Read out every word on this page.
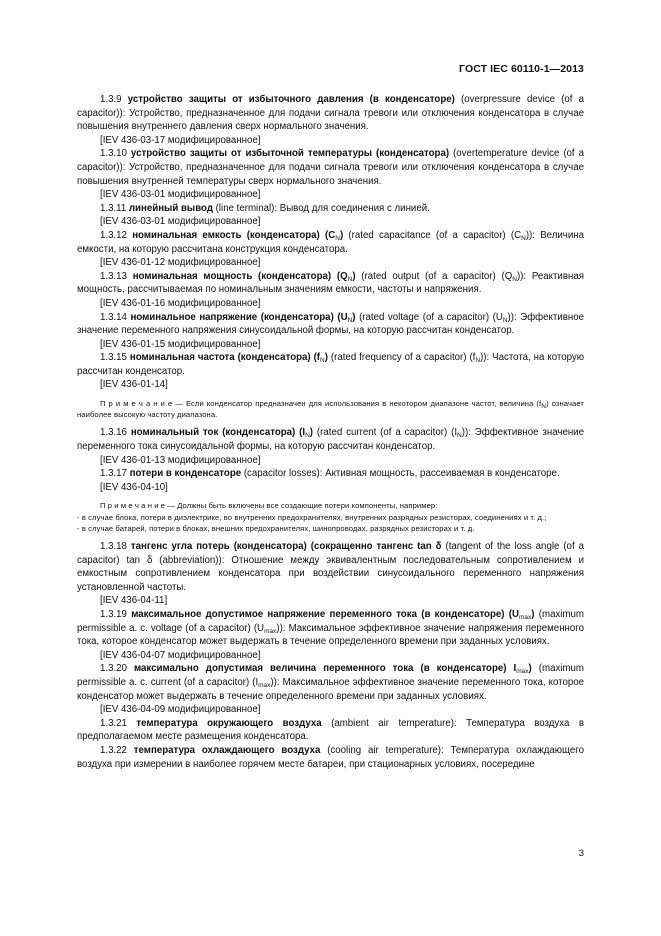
ГОСТ IEC 60110-1—2013

1.3.9 устройство защиты от избыточного давления (в конденсаторе) (overpressure device (of a capacitor)): Устройство, предназначенное для подачи сигнала тревоги или отключения конденсатора в случае повышения внутреннего давления сверх нормального значения.

[IEV 436-03-17 модифицированное]

1.3.10 устройство защиты от избыточной температуры (конденсатора) (overtemperature device (of a capacitor)): Устройство, предназначенное для подачи сигнала тревоги или отключения конденсатора в случае повышения внутренней температуры сверх нормального значения.

[IEV 436-03-01 модифицированное]

1.3.11 линейный вывод (line terminal): Вывод для соединения с линией.

[IEV 436-03-01 модифицированное]

1.3.12 номинальная емкость (конденсатора) $(C_N)$ (rated capacitance (of a capacitor) $(C_N)$): Величина емкости, на которую рассчитана конструкция конденсатора.

[IEV 436-01-12 модифицированное]

1.3.13 номинальная мощность (конденсатора) $(Q_N)$ (rated output (of a capacitor) $(Q_N)$): Реактивная мощность, рассчитываемая по номинальным значениям емкости, частоты и напряжения.

[IEV 436-01-16 модифицированное]

1.3.14 номинальное напряжение (конденсатора) $(U_N)$ (rated voltage (of a capacitor) $(U_N)$): Эффективное значение переменного напряжения синусоидальной формы, на которую рассчитан конденсатор.

[IEV 436-01-15 модифицированное]

1.3.15 номинальная частота (конденсатора) $(f_N)$ (rated frequency of a capacitor) $(f_N)$): Частота, на которую рассчитан конденсатор.

[IEV 436-01-14]

П р и м е ч а н и е — Если конденсатор предназначен для использования в некотором диапазоне частот, величина $(f_N)$ означает наиболее высокую частоту диапазона.

1.3.16 номинальный ток (конденсатора) $(I_N)$ (rated current (of a capacitor) $(I_N)$): Эффективное значение переменного тока синусоидальной формы, на которую рассчитан конденсатор.

[IEV 436-01-13 модифицированное]

1.3.17 потери в конденсаторе (capacitor losses): Активная мощность, рассеиваемая в конденсаторе.

[IEV 436-04-10]

П р и м е ч а н и е — Должны быть включены все создающие потери компоненты, например:

- в случае блока, потери в диэлектрике, во внутренних предохранителях, внутренних разрядных резисторах, соединениях и т. д.;

- в случае батарей, потери в блоках, внешних предохранителях, шинопроводах, разрядных резисторах и т. д.

1.3.18 тангенс угла потерь (конденсатора) (сокращенно тангенс tan δ (tangent of the loss angle (of a capacitor) tan δ (abbreviation)): Отношение между эквивалентным последовательным сопротивлением и емкостным сопротивлением конденсатора при воздействии синусоидального переменного напряжения установленной частоты.

[IEV 436-04-11]

1.3.19 максимальное допустимое напряжение переменного тока (в конденсаторе) $(U_{max})$ (maximum permissible a. c. voltage (of a capacitor) $(U_{max})$): Максимальное эффективное значение напряжения переменного тока, которое конденсатор может выдержать в течение определенного времени при заданных условиях.

[IEV 436-04-07 модифицированное]

1.3.20 максимально допустимая величина переменного тока (в конденсаторе) $I_{max}$) (maximum permissible a. c. current (of a capacitor) $(I_{max})$): Максимальное эффективное значение переменного тока, которое конденсатор может выдержать в течение определенного времени при заданных условиях.

[IEV 436-04-09 модифицированное]

1.3.21 температура окружающего воздуха (ambient air temperature): Температура воздуха в предполагаемом месте размещения конденсатора.

1.3.22 температура охлаждающего воздуха (cooling air temperature): Температура охлаждающего воздуха при измерении в наиболее горячем месте батареи, при стационарных условиях, посередине

3
